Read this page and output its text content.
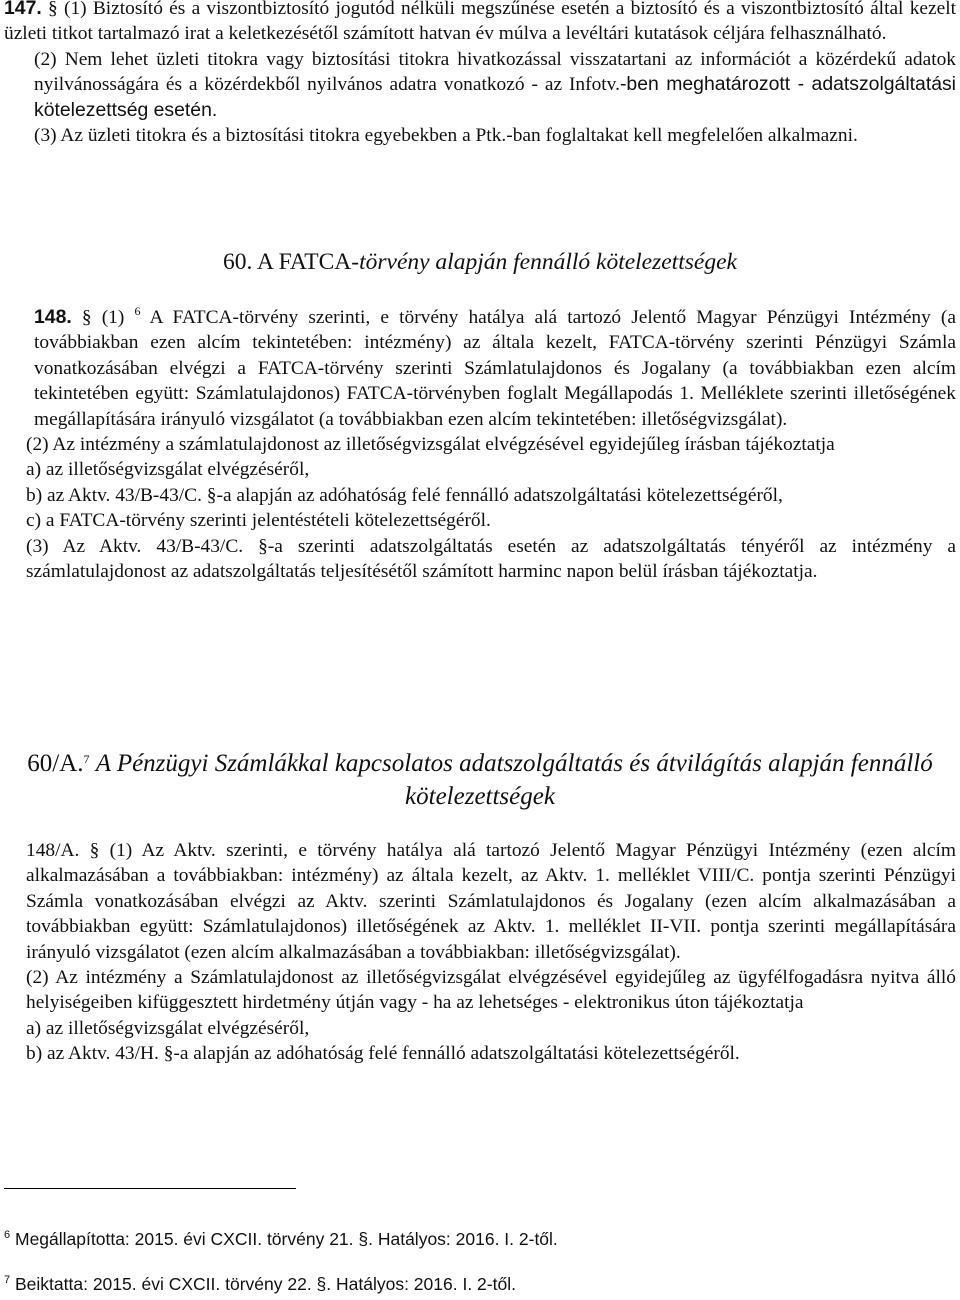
147. § (1) Biztosító és a viszontbiztosító jogutód nélküli megszűnése esetén a biztosító és a viszontbiztosító által kezelt üzleti titkot tartalmazó irat a keletkezésétől számított hatvan év múlva a levéltári kutatások céljára felhasználható.

(2) Nem lehet üzleti titokra vagy biztosítási titokra hivatkozással visszatartani az információt a közérdekű adatok nyilvánosságára és a közérdekből nyilvános adatra vonatkozó - az Infotv.-ben meghatározott - adatszolgáltatási kötelezettség esetén.

(3) Az üzleti titokra és a biztosítási titokra egyebekben a Ptk.-ban foglaltakat kell megfelelően alkalmazni.

60. A FATCA-törvény alapján fennálló kötelezettségek

148. § (1) $^6$ A FATCA-törvény szerinti, e törvény hatálya alá tartozó Jelentő Magyar Pénzügyi Intézmény (a továbbiakban ezen alcím tekintetében: intézmény) az általa kezelt, FATCA-törvény szerinti Pénzügyi Számla vonatkozásában elvégzi a FATCA-törvény szerinti Számlatulajdonos és Jogalany (a továbbiakban ezen alcím tekintetében együtt: Számlatulajdonos) FATCA-törvényben foglalt Megállapodás 1. Melléklete szerinti illetőségének megállapítására irányuló vizsgálatot (a továbbiakban ezen alcím tekintetében: illetőségvizsgálat).

(2) Az intézmény a számlatulajdonost az illetőségvizsgálat elvégzésével egyidejűleg írásban tájékoztatja

a) az illetőségvizsgálat elvégzéséről,

b) az Aktv. 43/B-43/C. §-a alapján az adóhatóság felé fennálló adatszolgáltatási kötelezettségéről,

c) a FATCA-törvény szerinti jelentéstételi kötelezettségéről.

(3) Az Aktv. 43/B-43/C. §-a szerinti adatszolgáltatás esetén az adatszolgáltatás tényéről az intézmény a számlatulajdonost az adatszolgáltatás teljesítésétől számított harminc napon belül írásban tájékoztatja.

60/A.$^7$ A Pénzügyi Számlákkal kapcsolatos adatszolgáltatás és átvilágítás alapján fennálló kötelezettségek

148/A. § (1) Az Aktv. szerinti, e törvény hatálya alá tartozó Jelentő Magyar Pénzügyi Intézmény (ezen alcím alkalmazásában a továbbiakban: intézmény) az általa kezelt, az Aktv. 1. melléklet VIII/C. pontja szerinti Pénzügyi Számla vonatkozásában elvégzi az Aktv. szerinti Számlatulajdonos és Jogalany (ezen alcím alkalmazásában a továbbiakban együtt: Számlatulajdonos) illetőségének az Aktv. 1. melléklet II-VII. pontja szerinti megállapítására irányuló vizsgálatot (ezen alcím alkalmazásában a továbbiakban: illetőségvizsgálat).

(2) Az intézmény a Számlatulajdonost az illetőségvizsgálat elvégzésével egyidejűleg az ügyfélfogadásra nyitva álló helyiségeiben kifüggesztett hirdetmény útján vagy - ha az lehetséges - elektronikus úton tájékoztatja

a) az illetőségvizsgálat elvégzéséről,

b) az Aktv. 43/H. §-a alapján az adóhatóság felé fennálló adatszolgáltatási kötelezettségéről.

$^6$ Megállapította: 2015. évi CXCII. törvény 21. §. Hatályos: 2016. I. 2-től.
$^7$ Beiktatta: 2015. évi CXCII. törvény 22. §. Hatályos: 2016. I. 2-től.
